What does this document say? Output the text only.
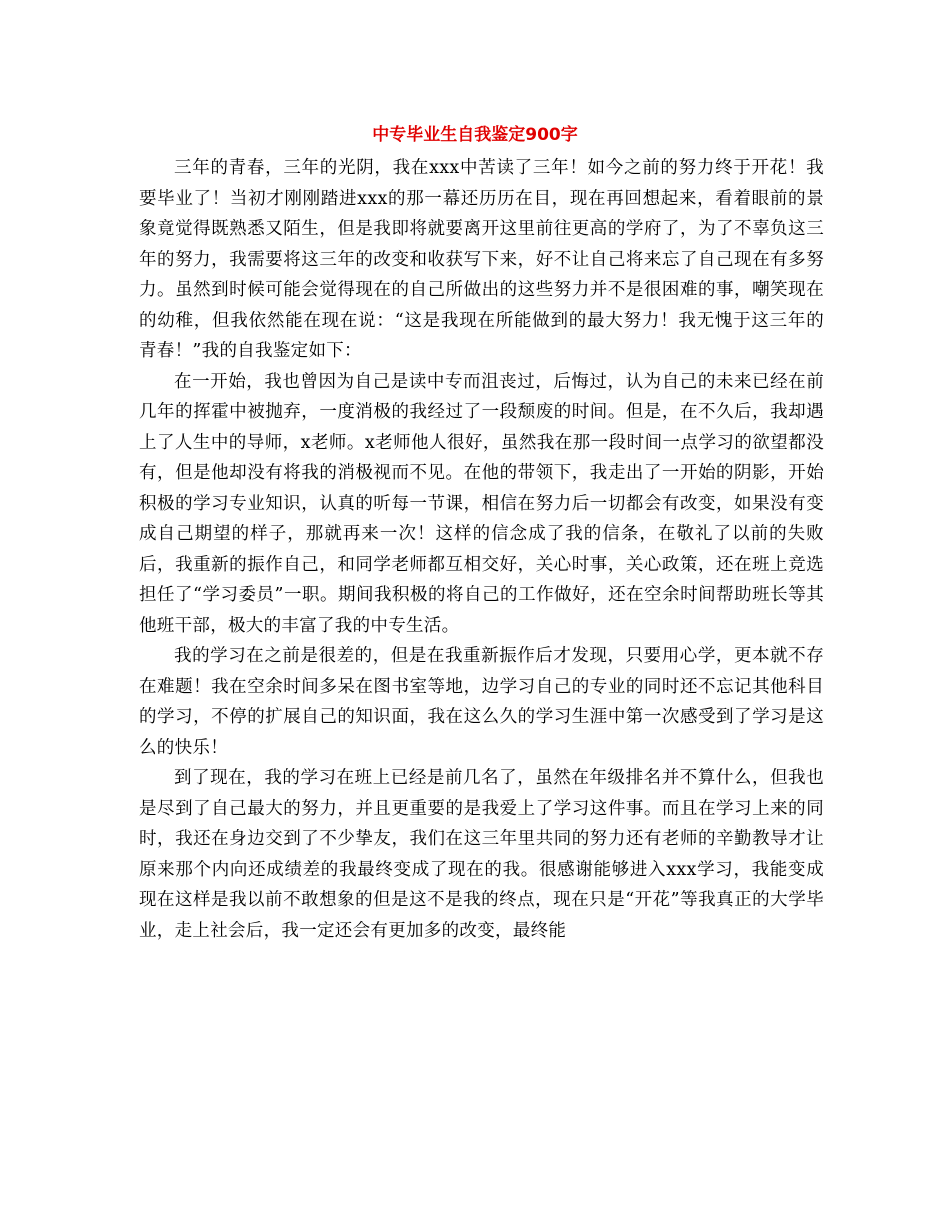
中专毕业生自我鉴定900字

三年的青春，三年的光阴，我在xxx中苦读了三年！如今之前的努力终于开花！我要毕业了！当初才刚刚踏进xxx的那一幕还历历在目，现在再回想起来，看着眼前的景象竟觉得既熟悉又陌生，但是我即将就要离开这里前往更高的学府了，为了不辜负这三年的努力，我需要将这三年的改变和收获写下来，好不让自己将来忘了自己现在有多努力。虽然到时候可能会觉得现在的自己所做出的这些努力并不是很困难的事，嘲笑现在的幼稚，但我依然能在现在说：“这是我现在所能做到的最大努力！我无愧于这三年的青春！”我的自我鉴定如下：

在一开始，我也曾因为自己是读中专而沮丧过，后悔过，认为自己的未来已经在前几年的挥霍中被抛弃，一度消极的我经过了一段颓废的时间。但是，在不久后，我却遇上了人生中的导师，x老师。x老师他人很好，虽然我在那一段时间一点学习的欲望都没有，但是他却没有将我的消极视而不见。在他的带领下，我走出了一开始的阴影，开始积极的学习专业知识，认真的听每一节课，相信在努力后一切都会有改变，如果没有变成自己期望的样子，那就再来一次！这样的信念成了我的信条，在敬礼了以前的失败后，我重新的振作自己，和同学老师都互相交好，关心时事，关心政策，还在班上竞选担任了“学习委员”一职。期间我积极的将自己的工作做好，还在空余时间帮助班长等其他班干部，极大的丰富了我的中专生活。

我的学习在之前是很差的，但是在我重新振作后才发现，只要用心学，更本就不存在难题！我在空余时间多呆在图书室等地，边学习自己的专业的同时还不忘记其他科目的学习，不停的扩展自己的知识面，我在这么久的学习生涯中第一次感受到了学习是这么的快乐！

到了现在，我的学习在班上已经是前几名了，虽然在年级排名并不算什么，但我也是尽到了自己最大的努力，并且更重要的是我爱上了学习这件事。而且在学习上来的同时，我还在身边交到了不少挚友，我们在这三年里共同的努力还有老师的辛勤教导才让原来那个内向还成绩差的我最终变成了现在的我。很感谢能够进入xxx学习，我能变成现在这样是我以前不敢想象的但是这不是我的终点，现在只是“开花”等我真正的大学毕业，走上社会后，我一定还会有更加多的改变，最终能
